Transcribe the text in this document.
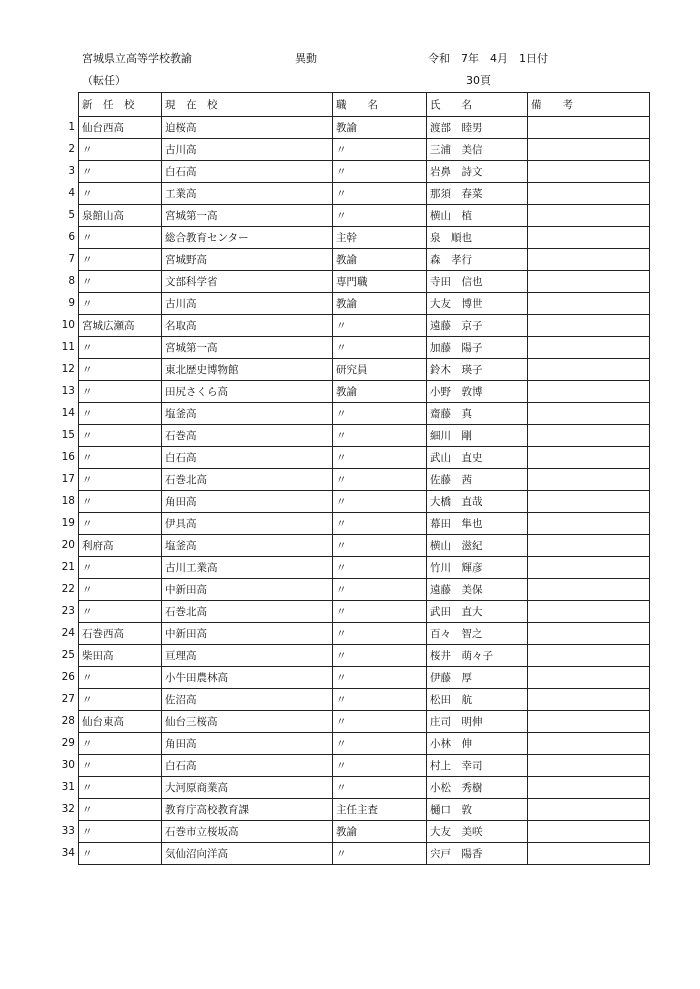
宮城県立高等学校教諭	異動	令和　7年　4月　1日付
（転任）	30頁
新　任　校	現　在　校	職　　名	氏　　名	備　　考

1 仙台西高	迫桜高	教諭	渡部　睦男	

2 〃	古川高	〃	三浦　美信	

3 〃	白石高	〃	岩鼻　詩文	

4 〃	工業高	〃	那須　春菜	

5 泉館山高	宮城第一高	〃	横山　植	

6 〃	総合教育センター	主幹	泉　順也	

7 〃	宮城野高	教諭	森　孝行	

8 〃	文部科学省	専門職	寺田　信也	

9 〃	古川高	教諭	大友　博世	

10 宮城広瀬高	名取高	〃	遠藤　京子	

11 〃	宮城第一高	〃	加藤　陽子	

12 〃	東北歴史博物館	研究員	鈴木　瑛子	

13 〃	田尻さくら高	教諭	小野　敦博	

14 〃	塩釜高	〃	齋藤　真	

15 〃	石巻高	〃	細川　剛	

16 〃	白石高	〃	武山　直史	

17 〃	石巻北高	〃	佐藤　茜	

18 〃	角田高	〃	大橋　直哉	

19 〃	伊具高	〃	幕田　隼也	

20 利府高	塩釜高	〃	横山　滋紀	

21 〃	古川工業高	〃	竹川　輝彦	

22 〃	中新田高	〃	遠藤　美保	

23 〃	石巻北高	〃	武田　直大	

24 石巻西高	中新田高	〃	百々　智之	

25 柴田高	亘理高	〃	桜井　萌々子	

26 〃	小牛田農林高	〃	伊藤　厚	

27 〃	佐沼高	〃	松田　航	

28 仙台東高	仙台三桜高	〃	庄司　明伸	

29 〃	角田高	〃	小林　伸	

30 〃	白石高	〃	村上　幸司	

31 〃	大河原商業高	〃	小松　秀樹	

32 〃	教育庁高校教育課	主任主査	樋口　敦	

33 〃	石巻市立桜坂高	教諭	大友　美咲	

34 〃	気仙沼向洋高	〃	宍戸　陽香	
